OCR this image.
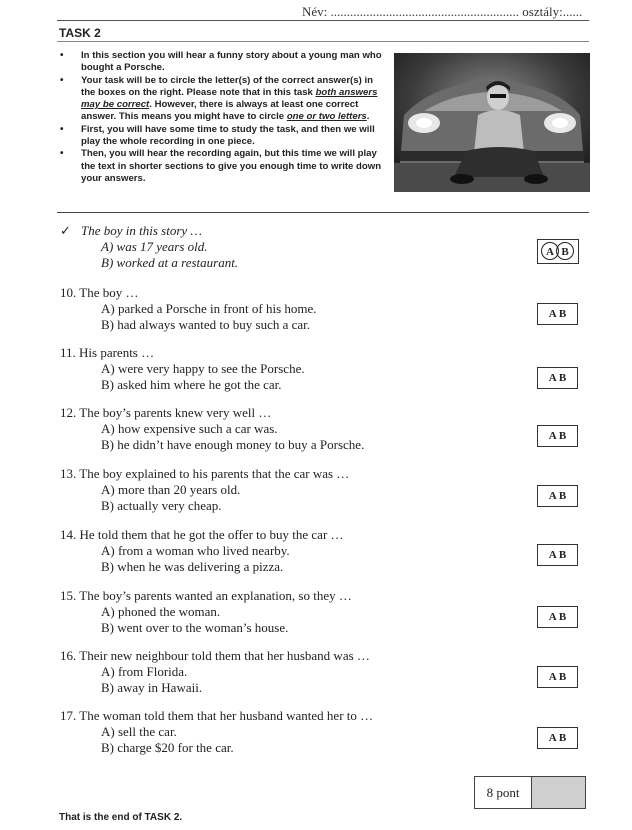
Név: .......................................................... osztály:......
TASK 2
• In this section you will hear a funny story about a young man who bought a Porsche.
• Your task will be to circle the letter(s) of the correct answer(s) in the boxes on the right. Please note that in this task both answers may be correct. However, there is always at least one correct answer. This means you might have to circle one or two letters.
• First, you will have some time to study the task, and then we will play the whole recording in one piece.
• Then, you will hear the recording again, but this time we will play the text in shorter sections to give you enough time to write down your answers.
✓ The boy in this story …
A) was 17 years old.
B) worked at a restaurant.
A B
10. The boy …
A) parked a Porsche in front of his home.
B) had always wanted to buy such a car.
A B
11. His parents …
A) were very happy to see the Porsche.
B) asked him where he got the car.	A B
12. The boy’s parents knew very well …
A) how expensive such a car was.
B) he didn’t have enough money to buy a Porsche.
A B
13. The boy explained to his parents that the car was …
A) more than 20 years old.
B) actually very cheap.
A B
14. He told them that he got the offer to buy the car …
A) from a woman who lived nearby.
B) when he was delivering a pizza.
A B
15. The boy’s parents wanted an explanation, so they …
A) phoned the woman.
B) went over to the woman’s house.
A B
16. Their new neighbour told them that her husband was …
A) from Florida.
B) away in Hawaii.
A B
17. The woman told them that her husband wanted her to …
A) sell the car.
B) charge $20 for the car.
A B
8 pont
That is the end of TASK 2.
